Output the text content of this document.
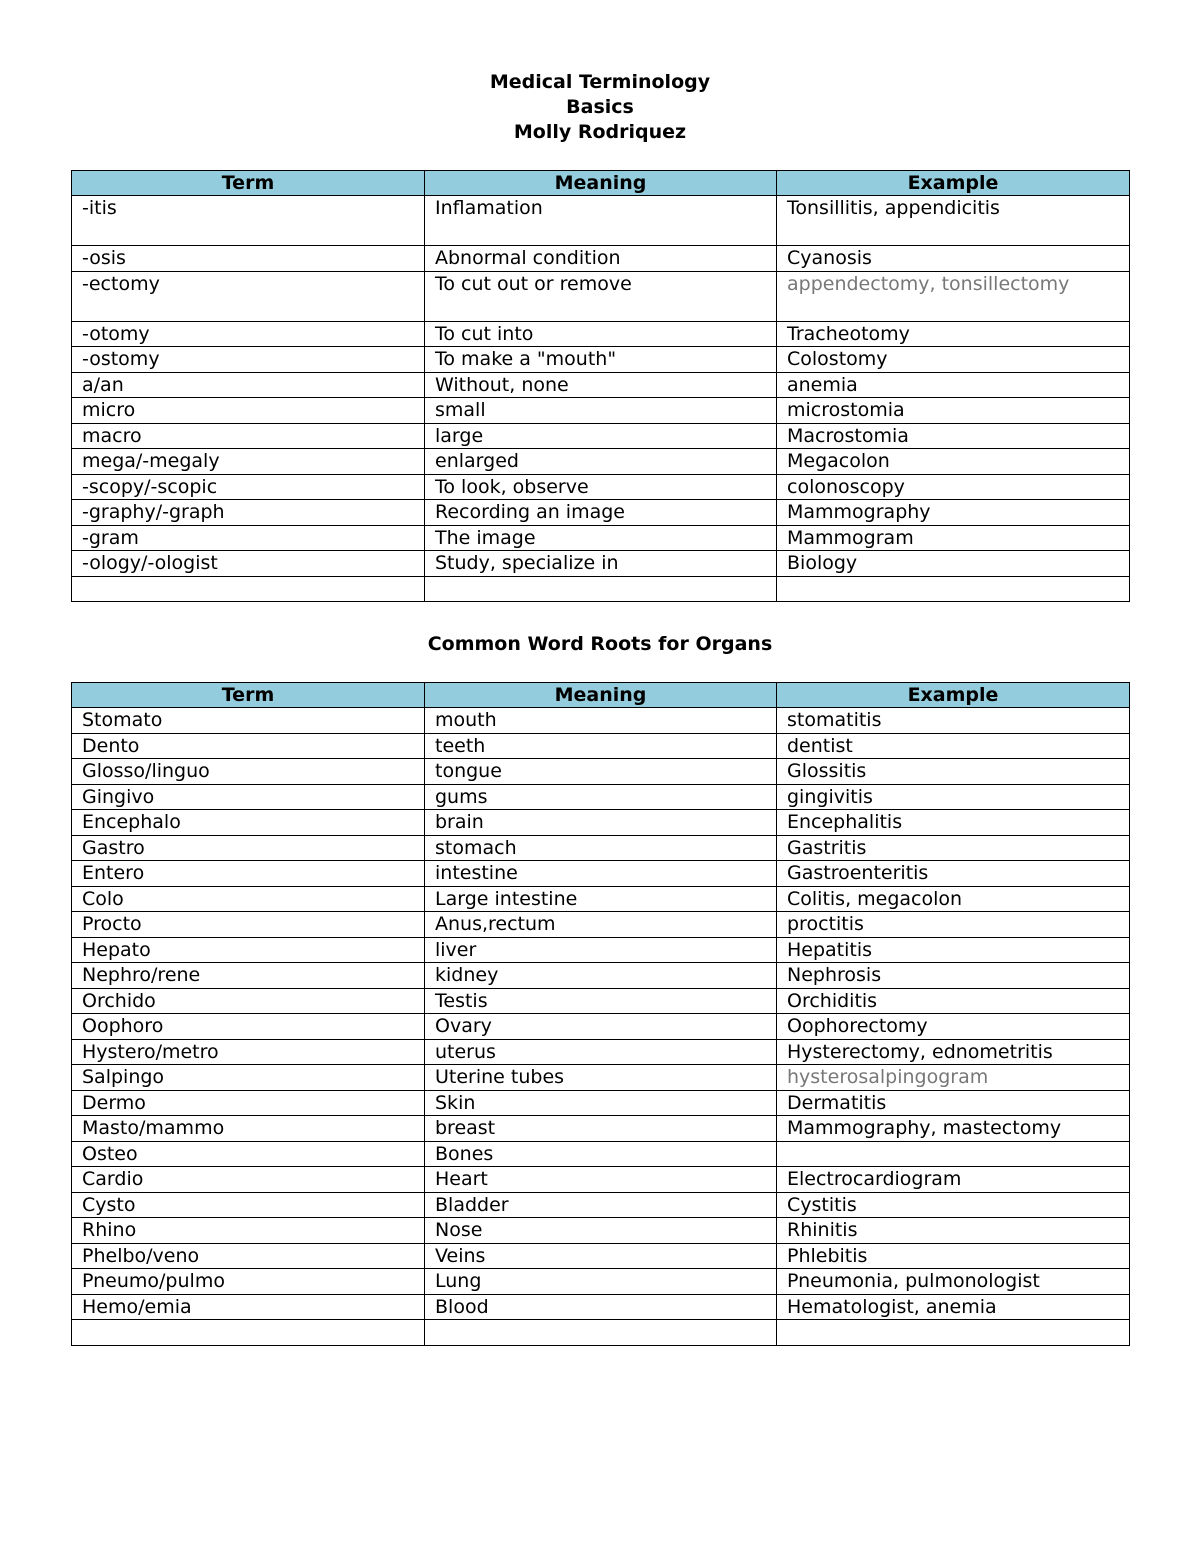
Medical Terminology
Basics
Molly Rodriquez
Term	Meaning	Example
-itis	Inflamation	Tonsillitis, appendicitis
-osis	Abnormal condition	Cyanosis
-ectomy	To cut out or remove	appendectomy, tonsillectomy
-otomy	To cut into	Tracheotomy
-ostomy	To make a "mouth"	Colostomy
a/an	Without, none	anemia
micro	small	microstomia
macro	large	Macrostomia
mega/-megaly	enlarged	Megacolon
-scopy/-scopic	To look, observe	colonoscopy
-graphy/-graph	Recording an image	Mammography
-gram	The image	Mammogram
-ology/-ologist	Study, specialize in	Biology

Common Word Roots for Organs
Term	Meaning	Example
Stomato	mouth	stomatitis
Dento	teeth	dentist
Glosso/linguo	tongue	Glossitis
Gingivo	gums	gingivitis
Encephalo	brain	Encephalitis
Gastro	stomach	Gastritis
Entero	intestine	Gastroenteritis
Colo	Large intestine	Colitis, megacolon
Procto	Anus,rectum	proctitis
Hepato	liver	Hepatitis
Nephro/rene	kidney	Nephrosis
Orchido	Testis	Orchiditis
Oophoro	Ovary	Oophorectomy
Hystero/metro	uterus	Hysterectomy, ednometritis
Salpingo	Uterine tubes	hysterosalpingogram
Dermo	Skin	Dermatitis
Masto/mammo	breast	Mammography, mastectomy
Osteo	Bones	
Cardio	Heart	Electrocardiogram
Cysto	Bladder	Cystitis
Rhino	Nose	Rhinitis
Phelbo/veno	Veins	Phlebitis
Pneumo/pulmo	Lung	Pneumonia, pulmonologist
Hemo/emia	Blood	Hematologist, anemia
